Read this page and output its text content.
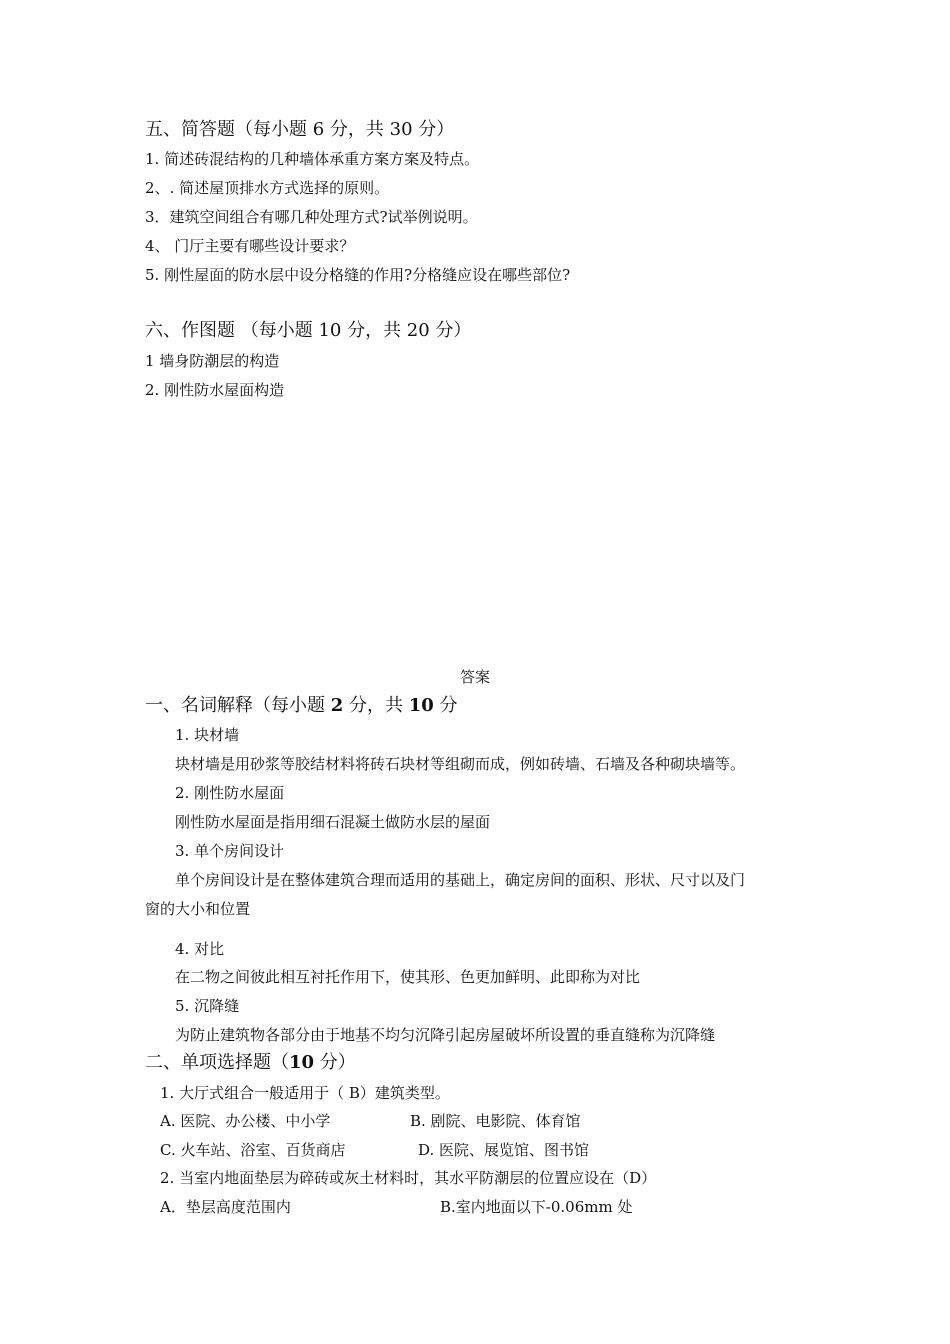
五、简答题（每小题 6 分，共 30 分）
1. 简述砖混结构的几种墙体承重方案方案及特点。
2、. 简述屋顶排水方式选择的原则。
3．建筑空间组合有哪几种处理方式?试举例说明。
4、 门厅主要有哪些设计要求？
5. 刚性屋面的防水层中设分格缝的作用?分格缝应设在哪些部位?
六、作图题 （每小题 10 分，共 20 分）
1 墙身防潮层的构造
2. 刚性防水屋面构造
答案
一、名词解释（每小题 2 分，共 10 分
1. 块材墙
块材墙是用砂浆等胶结材料将砖石块材等组砌而成，例如砖墙、石墙及各种砌块墙等。
2. 刚性防水屋面
刚性防水屋面是指用细石混凝土做防水层的屋面
3. 单个房间设计
单个房间设计是在整体建筑合理而适用的基础上，确定房间的面积、形状、尺寸以及门
窗的大小和位置
4. 对比
在二物之间彼此相互衬托作用下，使其形、色更加鲜明、此即称为对比
5. 沉降缝
为防止建筑物各部分由于地基不均匀沉降引起房屋破坏所设置的垂直缝称为沉降缝
二、单项选择题（10 分）
1. 大厅式组合一般适用于（ B）建筑类型。
A. 医院、办公楼、中小学	B. 剧院、电影院、体育馆
C. 火车站、浴室、百货商店	D. 医院、展览馆、图书馆
2. 当室内地面垫层为碎砖或灰土材料时，其水平防潮层的位置应设在（D）
A．垫层高度范围内	B.室内地面以下-0.06mm 处
